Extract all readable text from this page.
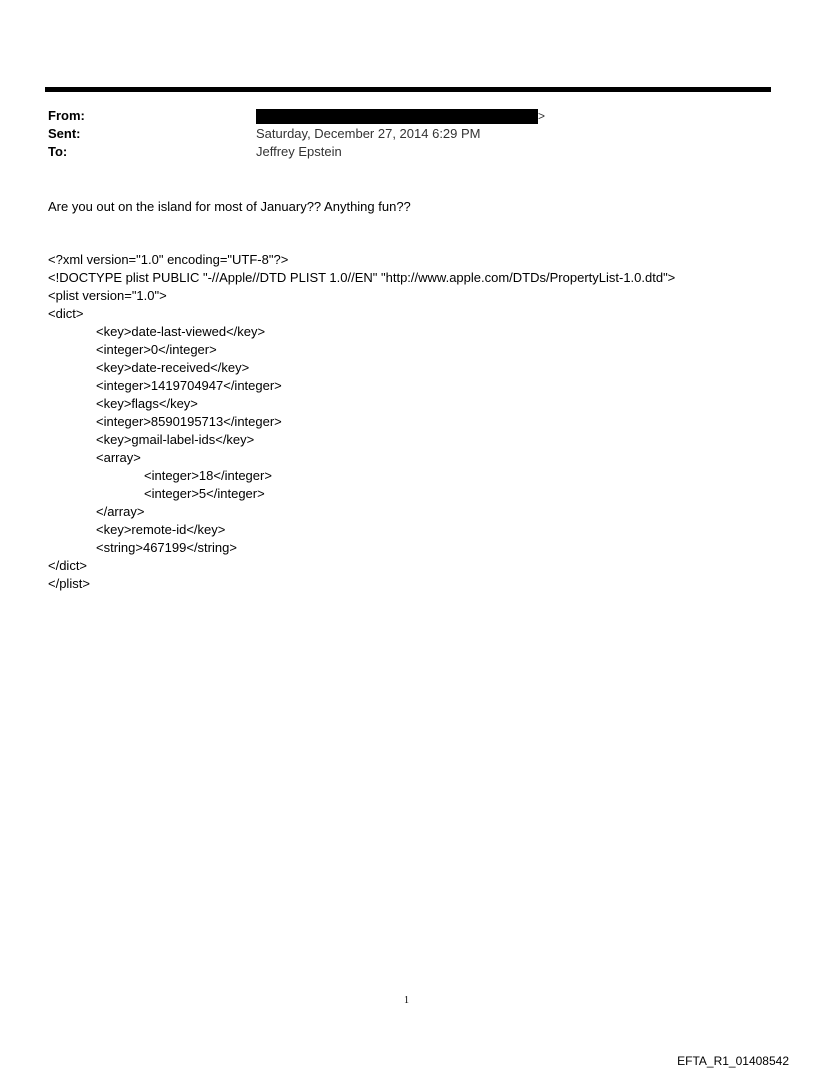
From:	>
Sent:	Saturday, December 27, 2014 6:29 PM
To:	Jeffrey Epstein
Are you out on the island for most of January?? Anything fun??
<?xml version="1.0" encoding="UTF-8"?>
<!DOCTYPE plist PUBLIC "-//Apple//DTD PLIST 1.0//EN" "http://www.apple.com/DTDs/PropertyList-1.0.dtd">
<plist version="1.0">
<dict>
<key>date-last-viewed</key>
<integer>0</integer>
<key>date-received</key>
<integer>1419704947</integer>
<key>flags</key>
<integer>8590195713</integer>
<key>gmail-label-ids</key>
<array>
<integer>18</integer>
<integer>5</integer>
</array>
<key>remote-id</key>
<string>467199</string>
</dict>
</plist>
1
EFTA_R1_01408542
